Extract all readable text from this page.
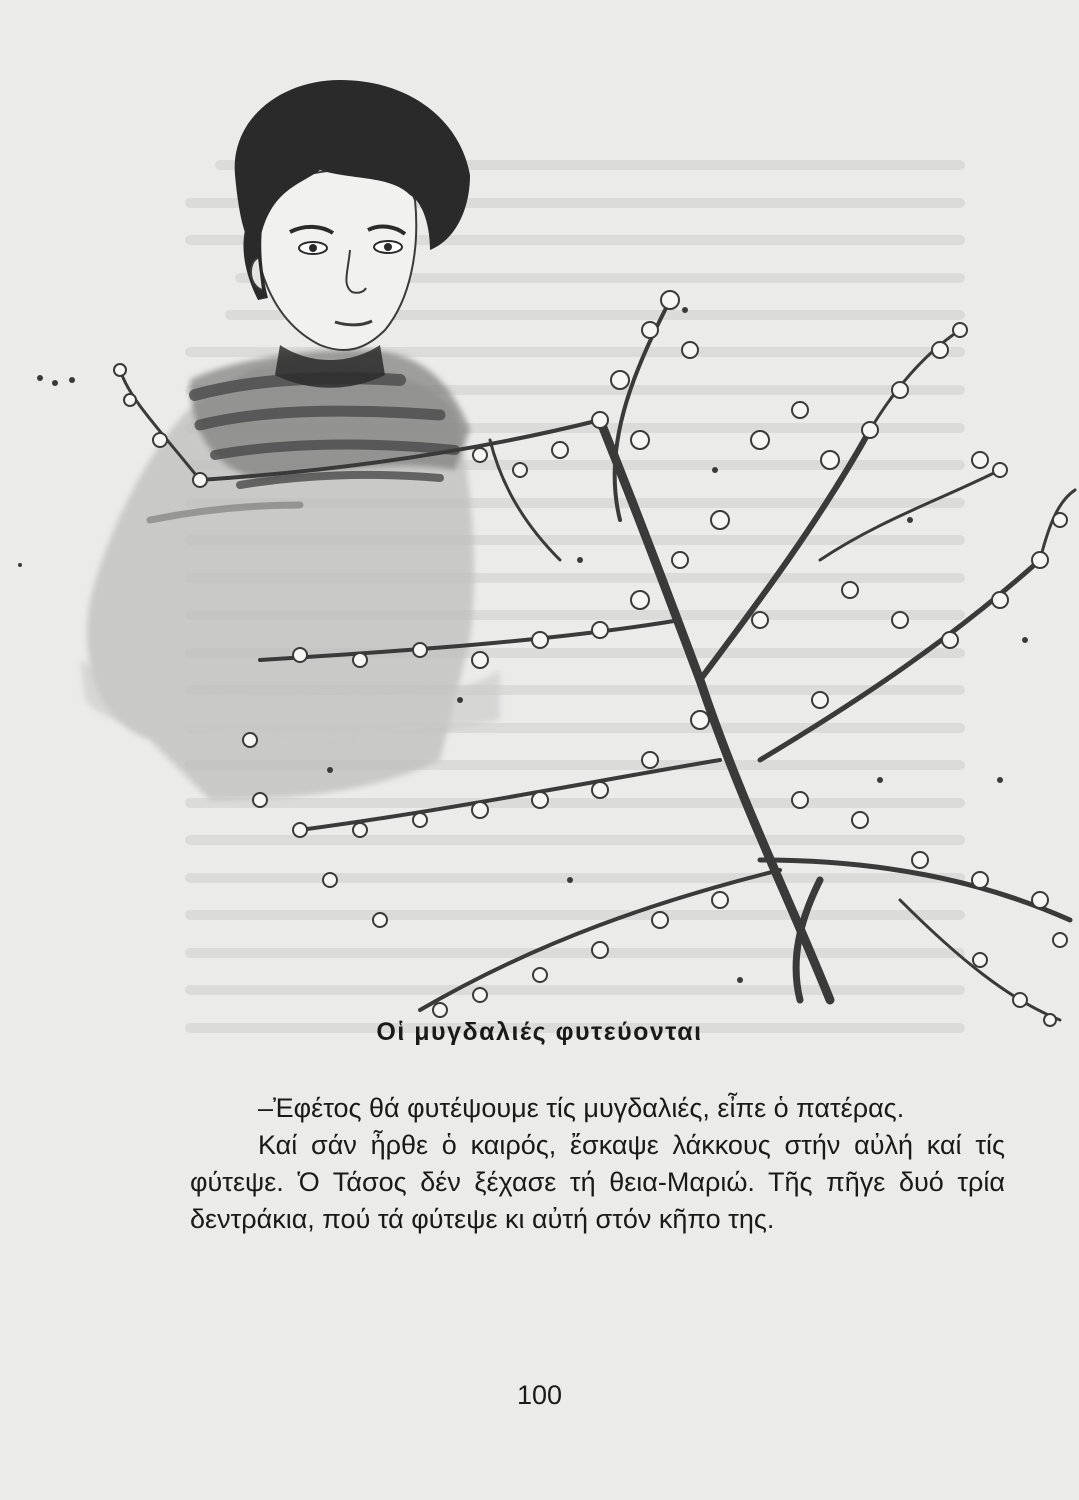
Οἱ μυγδαλιές φυτεύονται

–Ἐφέτος θά φυτέψουμε τίς μυγδαλιές, εἶπε ὁ πατέρας.

Καί σάν ἦρθε ὁ καιρός, ἔσκαψε λάκκους στήν αὐλή καί τίς φύτεψε. Ὁ Τάσος δέν ξέχασε τή θεια-Μαριώ. Τῆς πῆγε δυό τρία δεντράκια, πού τά φύτεψε κι αὐτή στόν κῆπο της.

100
